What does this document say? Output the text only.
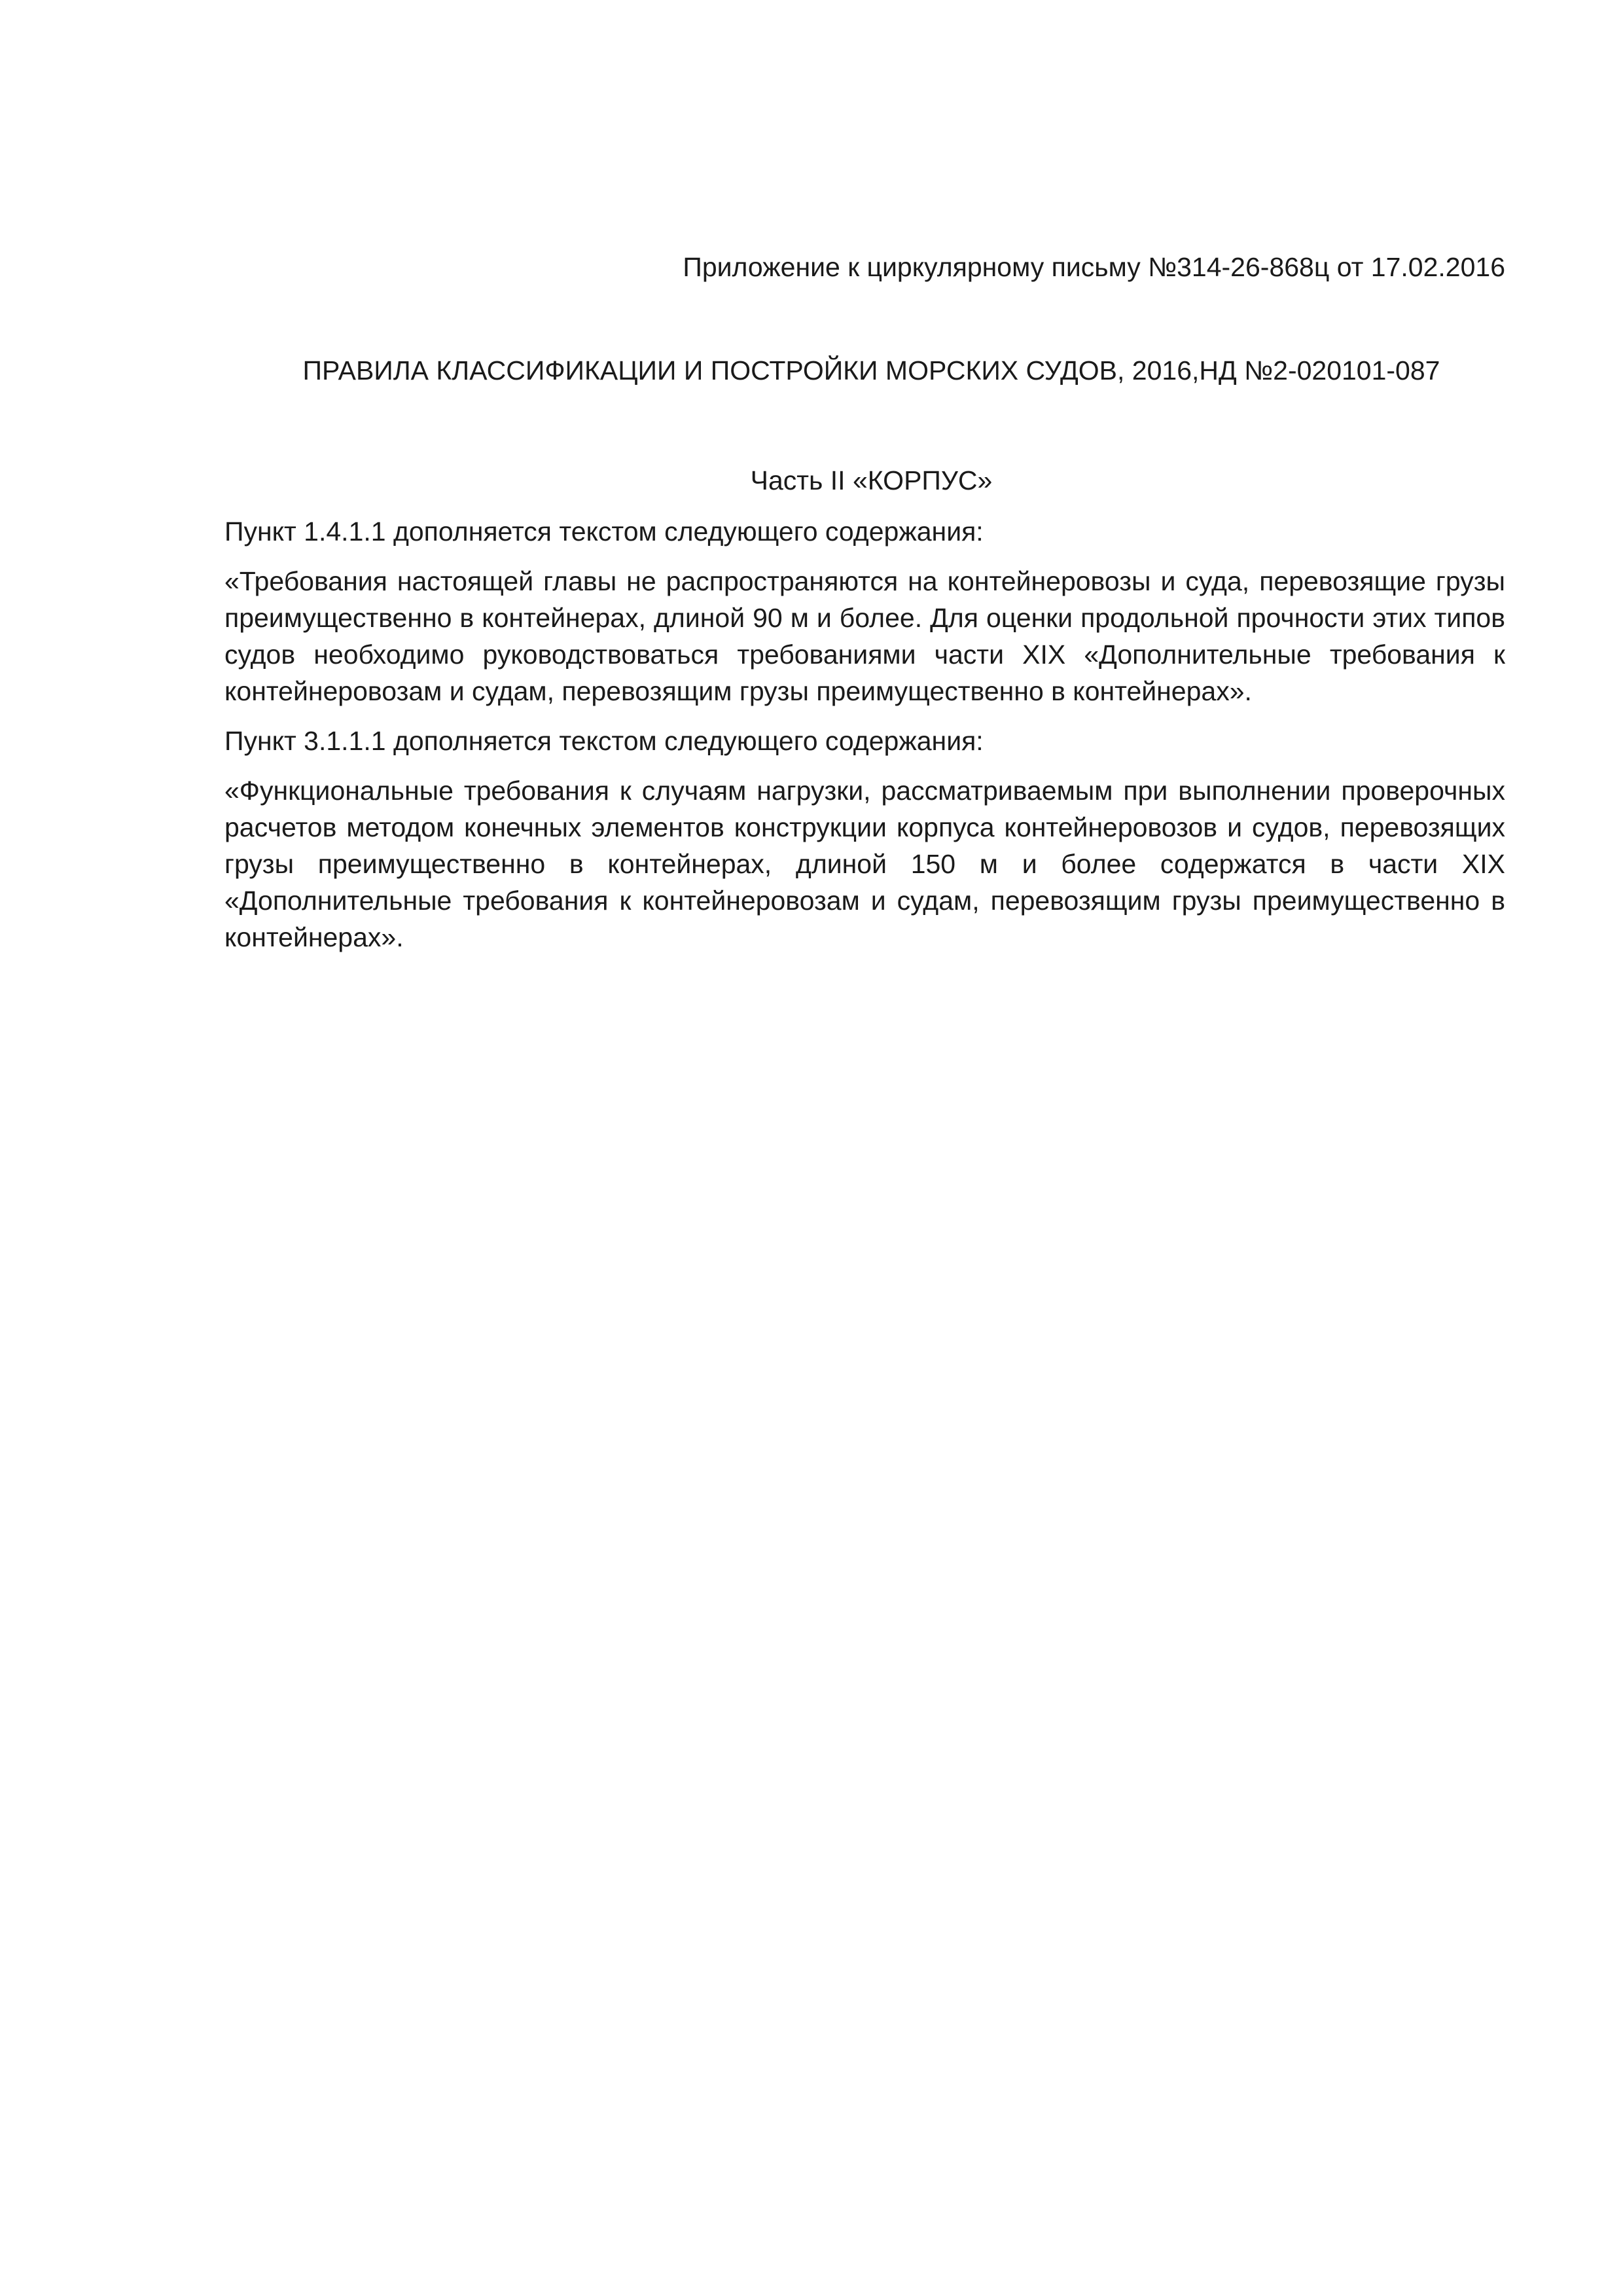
Приложение к циркулярному письму №314-26-868ц от 17.02.2016

ПРАВИЛА КЛАССИФИКАЦИИ И ПОСТРОЙКИ МОРСКИХ СУДОВ, 2016,НД №2-020101-087

Часть II «КОРПУС»

Пункт 1.4.1.1 дополняется текстом следующего содержания:

«Требования настоящей главы не распространяются на контейнеровозы и суда, перевозящие грузы преимущественно в контейнерах, длиной 90 м и более. Для оценки продольной прочности этих типов судов необходимо руководствоваться требованиями части XIX «Дополнительные требования к контейнеровозам и судам, перевозящим грузы преимущественно в контейнерах».

Пункт 3.1.1.1 дополняется текстом следующего содержания:

«Функциональные требования к случаям нагрузки, рассматриваемым при выполнении проверочных расчетов методом конечных элементов конструкции корпуса контейнеровозов и судов, перевозящих грузы преимущественно в контейнерах, длиной 150 м и более содержатся в части XIX «Дополнительные требования к контейнеровозам и судам, перевозящим грузы преимущественно в контейнерах».
